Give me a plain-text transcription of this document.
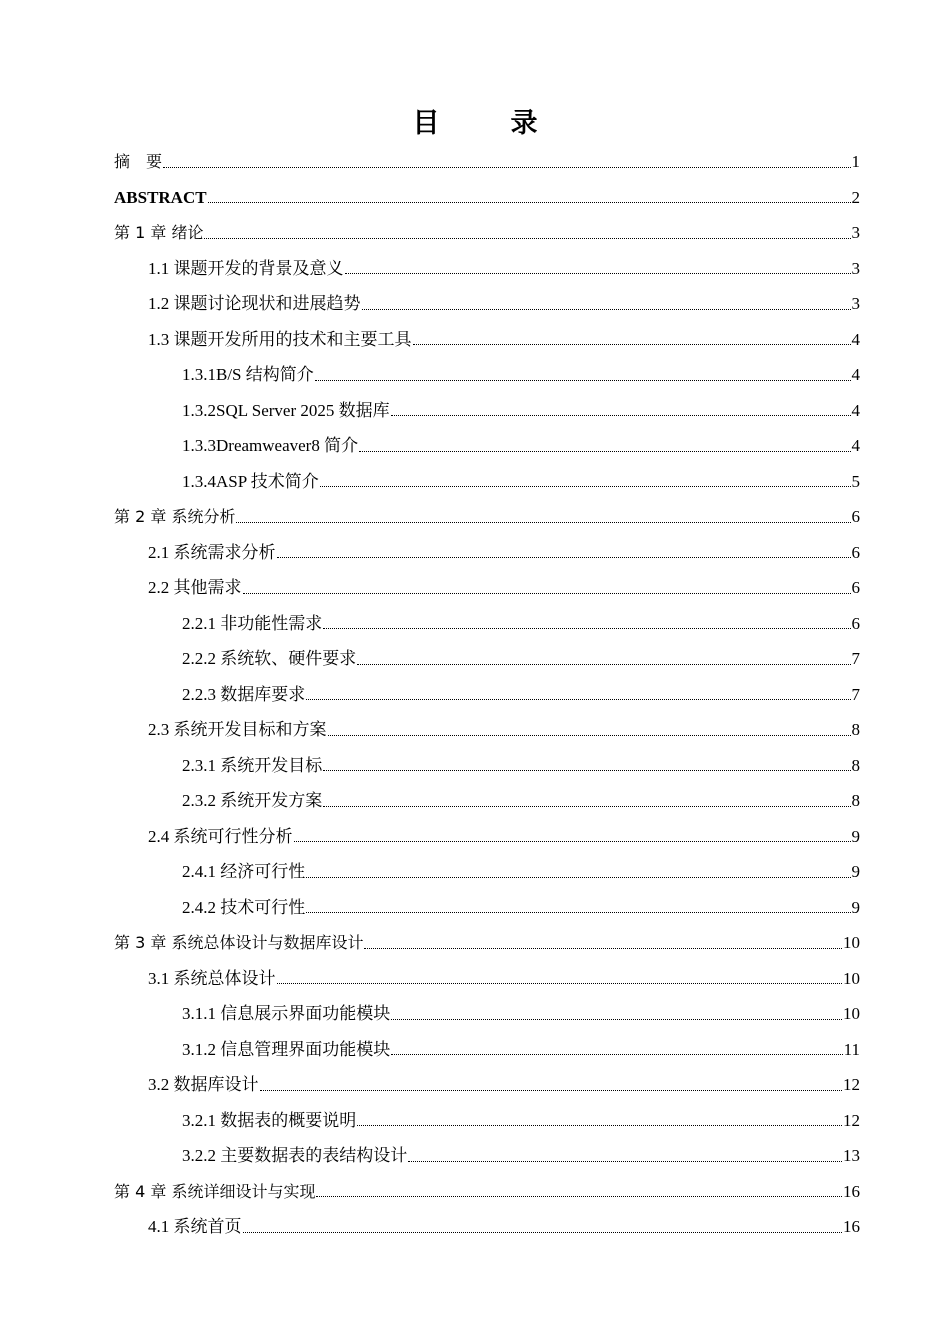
目　录
摘　要	1
ABSTRACT	2
第 1 章 绪论	3
1.1 课题开发的背景及意义	3
1.2 课题讨论现状和进展趋势	3
1.3 课题开发所用的技术和主要工具	4
1.3.1B/S 结构简介	4
1.3.2SQL Server 2025 数据库	4
1.3.3Dreamweaver8 简介	4
1.3.4ASP 技术简介	5
第 2 章 系统分析	6
2.1 系统需求分析	6
2.2 其他需求	6
2.2.1 非功能性需求	6
2.2.2 系统软、硬件要求	7
2.2.3 数据库要求	7
2.3 系统开发目标和方案	8
2.3.1 系统开发目标	8
2.3.2 系统开发方案	8
2.4 系统可行性分析	9
2.4.1 经济可行性	9
2.4.2 技术可行性	9
第 3 章 系统总体设计与数据库设计	10
3.1 系统总体设计	10
3.1.1 信息展示界面功能模块	10
3.1.2 信息管理界面功能模块	11
3.2 数据库设计	12
3.2.1 数据表的概要说明	12
3.2.2 主要数据表的表结构设计	13
第 4 章 系统详细设计与实现	16
4.1 系统首页	16
